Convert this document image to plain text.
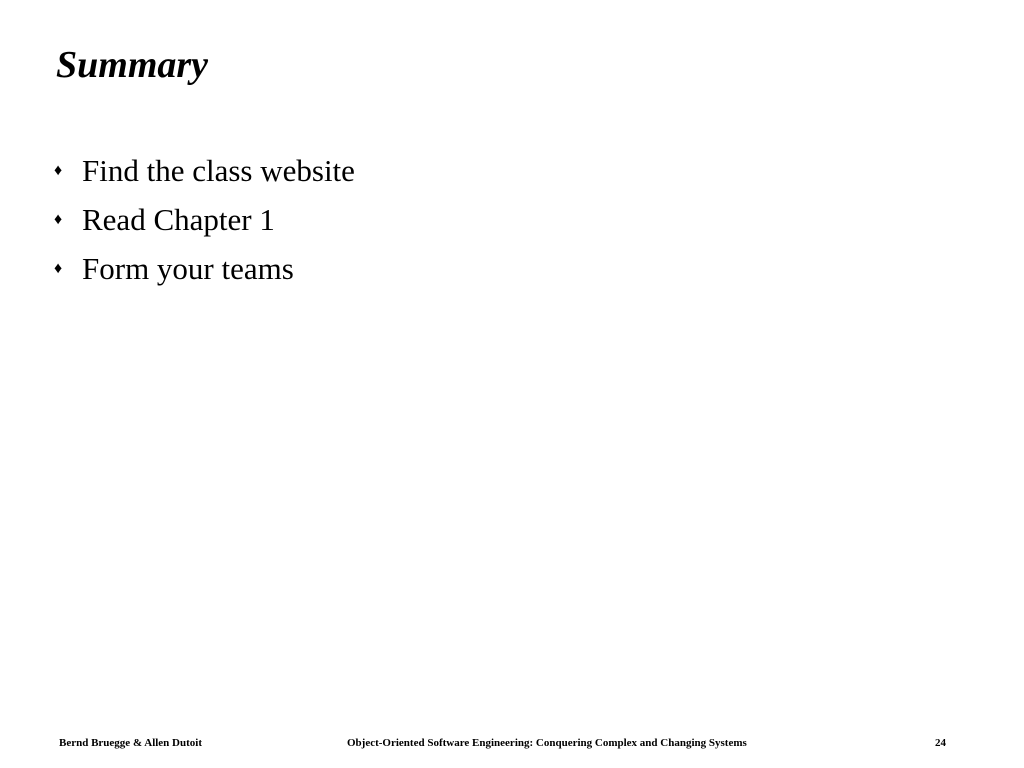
Summary
♦ Find the class website
♦ Read Chapter 1
♦ Form your teams
Bernd Bruegge & Allen Dutoit	Object-Oriented Software Engineering: Conquering Complex and Changing Systems	24
